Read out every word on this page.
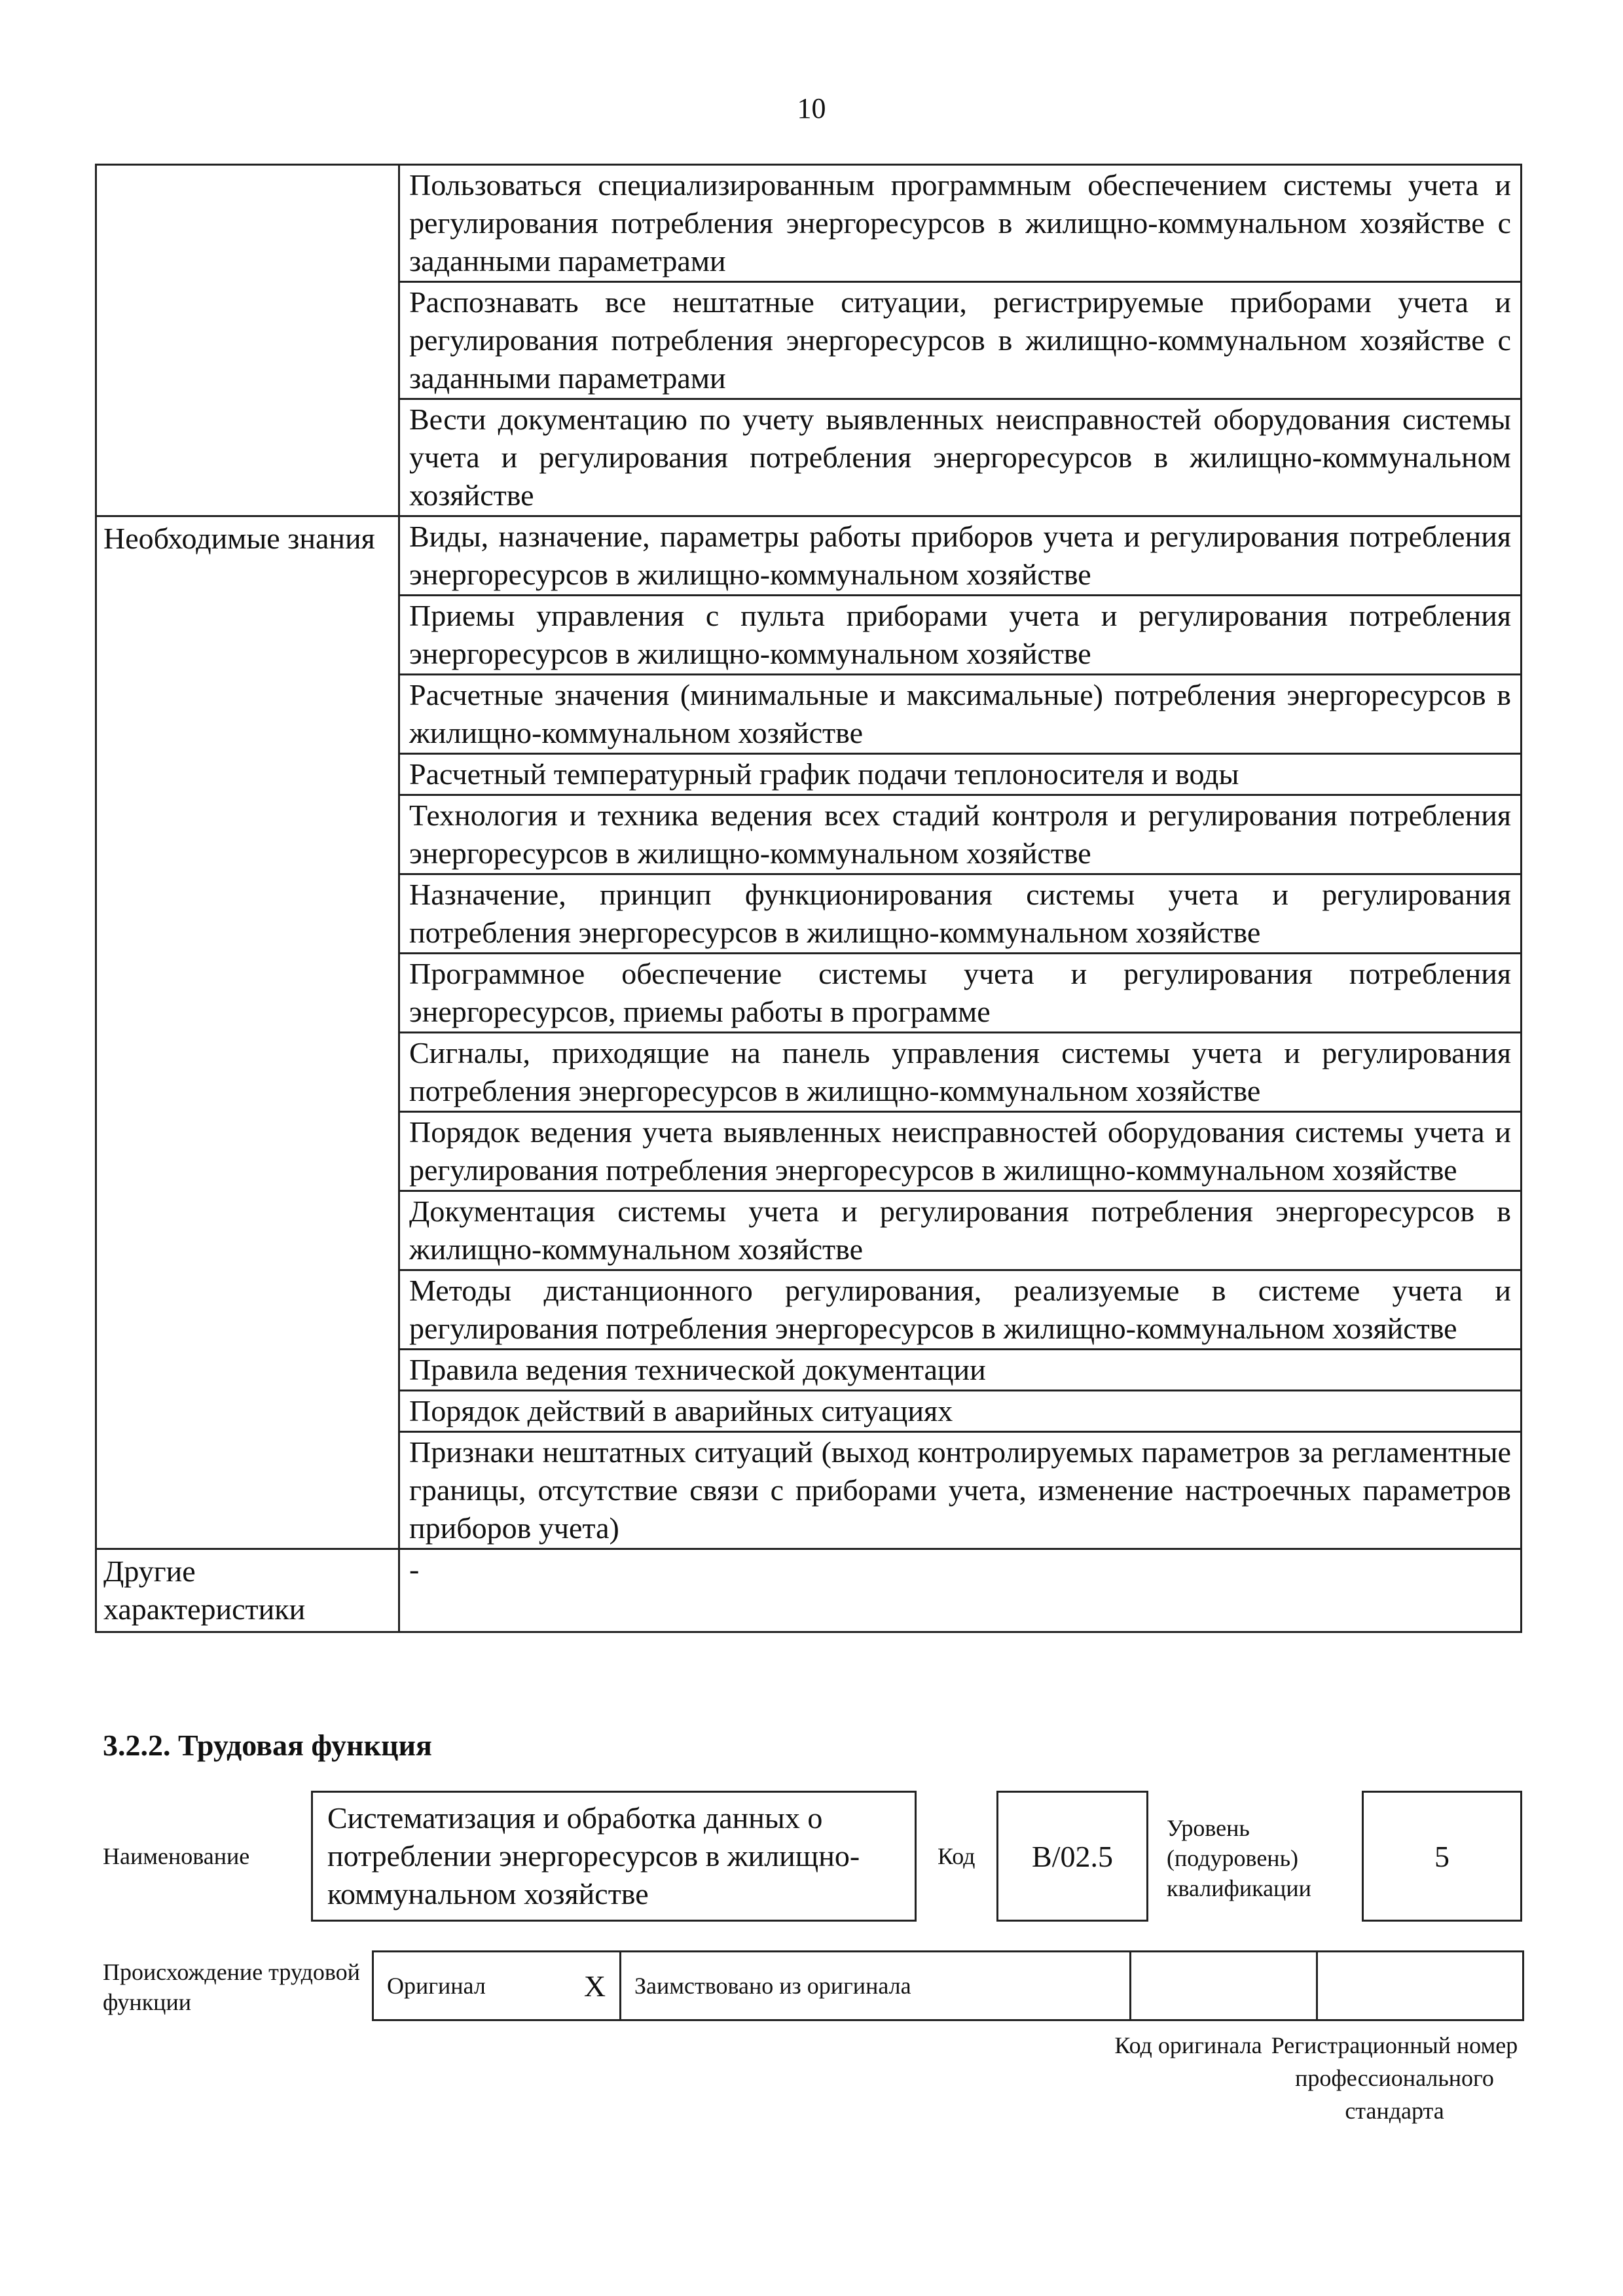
10
	Пользоваться специализированным программным обеспечением системы учета и регулирования потребления энергоресурсов в жилищно-коммунальном хозяйстве с заданными параметрами
	Распознавать все нештатные ситуации, регистрируемые приборами учета и регулирования потребления энергоресурсов в жилищно-коммунальном хозяйстве с заданными параметрами
	Вести документацию по учету выявленных неисправностей оборудования системы учета и регулирования потребления энергоресурсов в жилищно-коммунальном хозяйстве
Необходимые знания	Виды, назначение, параметры работы приборов учета и регулирования потребления энергоресурсов в жилищно-коммунальном хозяйстве
	Приемы управления с пульта приборами учета и регулирования потребления энергоресурсов в жилищно-коммунальном хозяйстве
	Расчетные значения (минимальные и максимальные) потребления энергоресурсов в жилищно-коммунальном хозяйстве
	Расчетный температурный график подачи теплоносителя и воды
	Технология и техника ведения всех стадий контроля и регулирования потребления энергоресурсов в жилищно-коммунальном хозяйстве
	Назначение, принцип функционирования системы учета и регулирования потребления энергоресурсов в жилищно-коммунальном хозяйстве
	Программное обеспечение системы учета и регулирования потребления энергоресурсов, приемы работы в программе
	Сигналы, приходящие на панель управления системы учета и регулирования потребления энергоресурсов в жилищно-коммунальном хозяйстве
	Порядок ведения учета выявленных неисправностей оборудования системы учета и регулирования потребления энергоресурсов в жилищно-коммунальном хозяйстве
	Документация системы учета и регулирования потребления энергоресурсов в жилищно-коммунальном хозяйстве
	Методы дистанционного регулирования, реализуемые в системе учета и регулирования потребления энергоресурсов в жилищно-коммунальном хозяйстве
	Правила ведения технической документации
	Порядок действий в аварийных ситуациях
	Признаки нештатных ситуаций (выход контролируемых параметров за регламентные границы, отсутствие связи с приборами учета, изменение настроечных параметров приборов учета)
Другие характеристики	-
3.2.2. Трудовая функция
Наименование
Систематизация и обработка данных о потреблении энергоресурсов в жилищно-коммунальном хозяйстве
Код	B/02.5
Уровень (подуровень) квалификации
5
Происхождение трудовой функции
Оригинал	X	Заимствовано из оригинала		
Код оригинала Регистрационный номер профессионального стандарта
